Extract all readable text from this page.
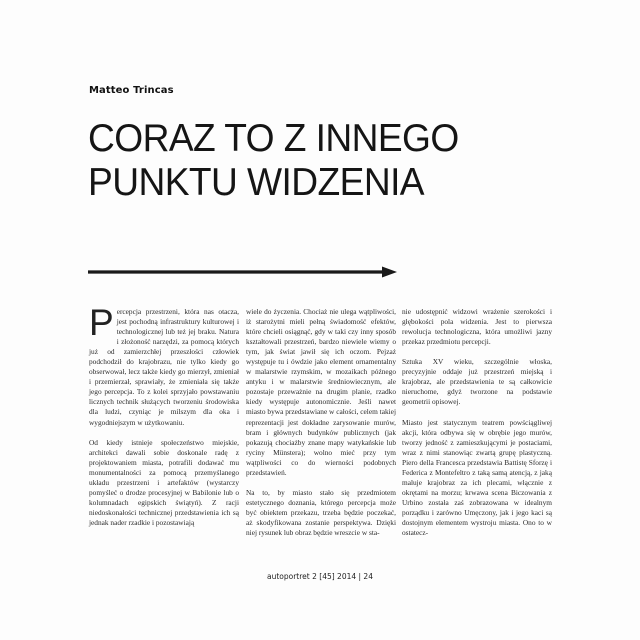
Matteo Trincas
CORAZ TO Z INNEGO
PUNKTU WIDZENIA

Percepcja przestrzeni, która nas otacza, jest pochodną infrastruktury kulturowej i technologicznej lub też jej braku. Natura i złożoność narzędzi, za pomocą których już od zamierzchłej przeszłości człowiek podchodził do krajobrazu, nie tylko kiedy go obserwował, lecz także kiedy go mierzył, zmieniał i przemierzał, sprawiały, że zmieniała się także jego percepcja. To z kolei sprzyjało powstawaniu licznych technik służących tworzeniu środowiska dla ludzi, czyniąc je milszym dla oka i wygodniejszym w użytkowaniu.

Od kiedy istnieje społeczeństwo miejskie, architekci dawali sobie doskonale radę z projektowaniem miasta, potrafili dodawać mu monumentalności za pomocą przemyślanego układu przestrzeni i artefaktów (wystarczy pomyśleć o drodze procesyjnej w Babilonie lub o kolumnadach egipskich świątyń). Z racji niedoskonałości technicznej przedstawienia ich są jednak nader rzadkie i pozostawiają

wiele do życzenia. Chociaż nie ulega wątpliwości, iż starożytni mieli pełną świadomość efektów, które chcieli osiągnąć, gdy w taki czy inny sposób kształtowali przestrzeń, bardzo niewiele wiemy o tym, jak świat jawił się ich oczom. Pejzaż występuje tu i ówdzie jako element ornamentalny w malarstwie rzymskim, w mozaikach późnego antyku i w malarstwie średniowiecznym, ale pozostaje przeważnie na drugim planie, rzadko kiedy występuje autonomicznie. Jeśli nawet miasto bywa przedstawiane w całości, celem takiej reprezentacji jest dokładne zarysowanie murów, bram i głównych budynków publicznych (jak pokazują chociażby znane mapy watykańskie lub ryciny Münstera); wolno mieć przy tym wątpliwości co do wierności podobnych przedstawień.

Na to, by miasto stało się przedmiotem estetycznego doznania, którego percepcja może być obiektem przekazu, trzeba będzie poczekać, aż skodyfikowana zostanie perspektywa. Dzięki niej rysunek lub obraz będzie wreszcie w sta-

nie udostępnić widzowi wrażenie szerokości i głębokości pola widzenia. Jest to pierwsza rewolucja technologiczna, która umożliwi jazny przekaz przedmiotu percepcji.

Sztuka XV wieku, szczególnie włoska, precyzyjnie oddaje już przestrzeń miejską i krajobraz, ale przedstawienia te są całkowicie nieruchome, gdyż tworzone na podstawie geometrii opisowej.

Miasto jest statycznym teatrem powściągliwej akcji, która odbywa się w obrębie jego murów, tworzy jedność z zamieszkującymi je postaciami, wraz z nimi stanowiąc zwartą grupę plastyczną. Piero della Francesca przedstawia Battistę Sforzę i Federica z Montefeltro z taką samą atencją, z jaką maluje krajobraz za ich plecami, włącznie z okrętami na morzu; krwawa scena Biczowania z Urbino została zaś zobrazowana w idealnym porządku i zarówno Umęczony, jak i jego kaci są dostojnym elementem wystroju miasta. Ono to w ostatecz-

autoportret 2 [45] 2014 | 24
